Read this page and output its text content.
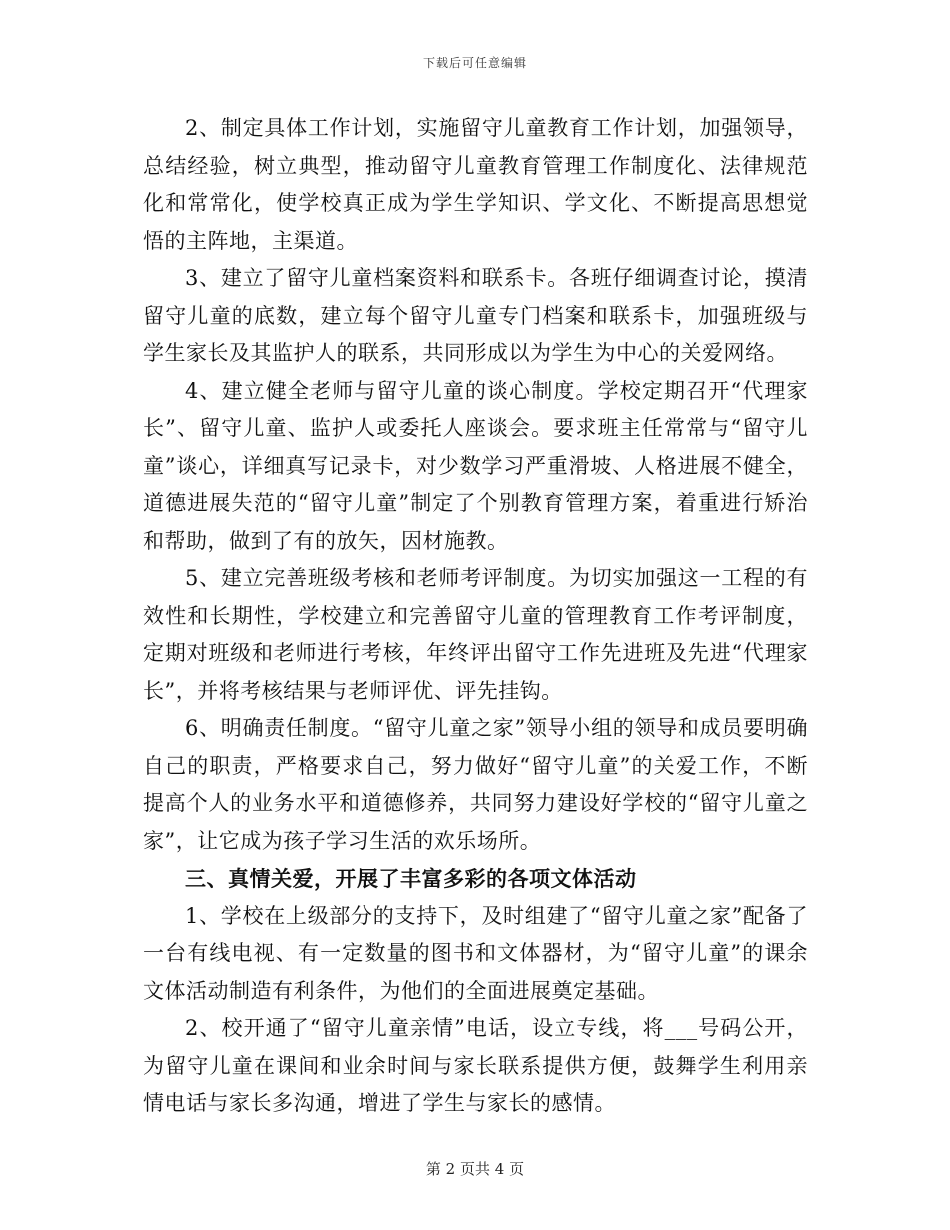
下载后可任意编辑

2、制定具体工作计划，实施留守儿童教育工作计划，加强领导，总结经验，树立典型，推动留守儿童教育管理工作制度化、法律规范化和常常化，使学校真正成为学生学知识、学文化、不断提高思想觉悟的主阵地，主渠道。

3、建立了留守儿童档案资料和联系卡。各班仔细调查讨论，摸清留守儿童的底数，建立每个留守儿童专门档案和联系卡，加强班级与学生家长及其监护人的联系，共同形成以为学生为中心的关爱网络。

4、建立健全老师与留守儿童的谈心制度。学校定期召开“代理家长”、留守儿童、监护人或委托人座谈会。要求班主任常常与“留守儿童”谈心，详细真写记录卡，对少数学习严重滑坡、人格进展不健全，道德进展失范的“留守儿童”制定了个别教育管理方案，着重进行矫治和帮助，做到了有的放矢，因材施教。

5、建立完善班级考核和老师考评制度。为切实加强这一工程的有效性和长期性，学校建立和完善留守儿童的管理教育工作考评制度，定期对班级和老师进行考核，年终评出留守工作先进班及先进“代理家长”，并将考核结果与老师评优、评先挂钩。

6、明确责任制度。“留守儿童之家”领导小组的领导和成员要明确自己的职责，严格要求自己，努力做好“留守儿童”的关爱工作，不断提高个人的业务水平和道德修养，共同努力建设好学校的“留守儿童之家”，让它成为孩子学习生活的欢乐场所。

三、真情关爱，开展了丰富多彩的各项文体活动

1、学校在上级部分的支持下，及时组建了“留守儿童之家”配备了一台有线电视、有一定数量的图书和文体器材，为“留守儿童”的课余文体活动制造有利条件，为他们的全面进展奠定基础。

2、校开通了“留守儿童亲情”电话，设立专线，将___号码公开，为留守儿童在课间和业余时间与家长联系提供方便，鼓舞学生利用亲情电话与家长多沟通，增进了学生与家长的感情。

第 2 页共 4 页
